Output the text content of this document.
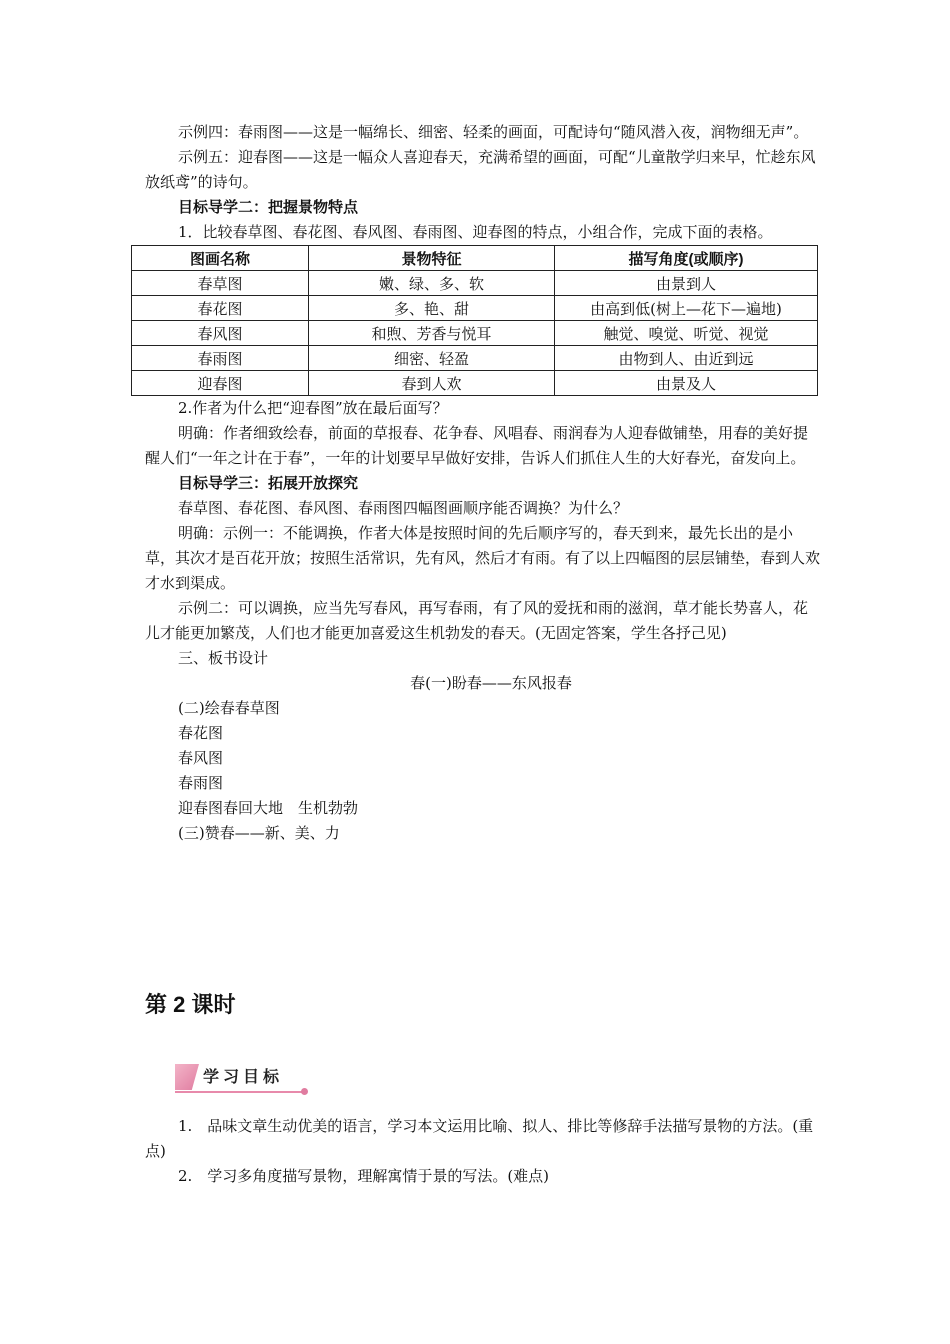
示例四：春雨图——这是一幅绵长、细密、轻柔的画面，可配诗句“随风潜入夜，润物细无声”。

示例五：迎春图——这是一幅众人喜迎春天，充满希望的画面，可配“儿童散学归来早，忙趁东风放纸鸢”的诗句。

目标导学二：把握景物特点

1．比较春草图、春花图、春风图、春雨图、迎春图的特点，小组合作，完成下面的表格。

图画名称	景物特征	描写角度(或顺序)
春草图	嫩、绿、多、软	由景到人
春花图	多、艳、甜	由高到低(树上—花下—遍地)
春风图	和煦、芳香与悦耳	触觉、嗅觉、听觉、视觉
春雨图	细密、轻盈	由物到人、由近到远
迎春图	春到人欢	由景及人

2.作者为什么把“迎春图”放在最后面写？

明确：作者细致绘春，前面的草报春、花争春、风唱春、雨润春为人迎春做铺垫，用春的美好提醒人们“一年之计在于春”，一年的计划要早早做好安排，告诉人们抓住人生的大好春光，奋发向上。

目标导学三：拓展开放探究

春草图、春花图、春风图、春雨图四幅图画顺序能否调换？为什么？

明确：示例一：不能调换，作者大体是按照时间的先后顺序写的，春天到来，最先长出的是小草，其次才是百花开放；按照生活常识，先有风，然后才有雨。有了以上四幅图的层层铺垫，春到人欢才水到渠成。

示例二：可以调换，应当先写春风，再写春雨，有了风的爱抚和雨的滋润，草才能长势喜人，花儿才能更加繁茂，人们也才能更加喜爱这生机勃发的春天。(无固定答案，学生各抒己见)

三、板书设计

春(一)盼春——东风报春

(二)绘春春草图

春花图

春风图

春雨图

迎春图春回大地　生机勃勃

(三)赞春——新、美、力

第 2 课时
学习目标

1.　品味文章生动优美的语言，学习本文运用比喻、拟人、排比等修辞手法描写景物的方法。(重点)

2.　学习多角度描写景物，理解寓情于景的写法。(难点)
